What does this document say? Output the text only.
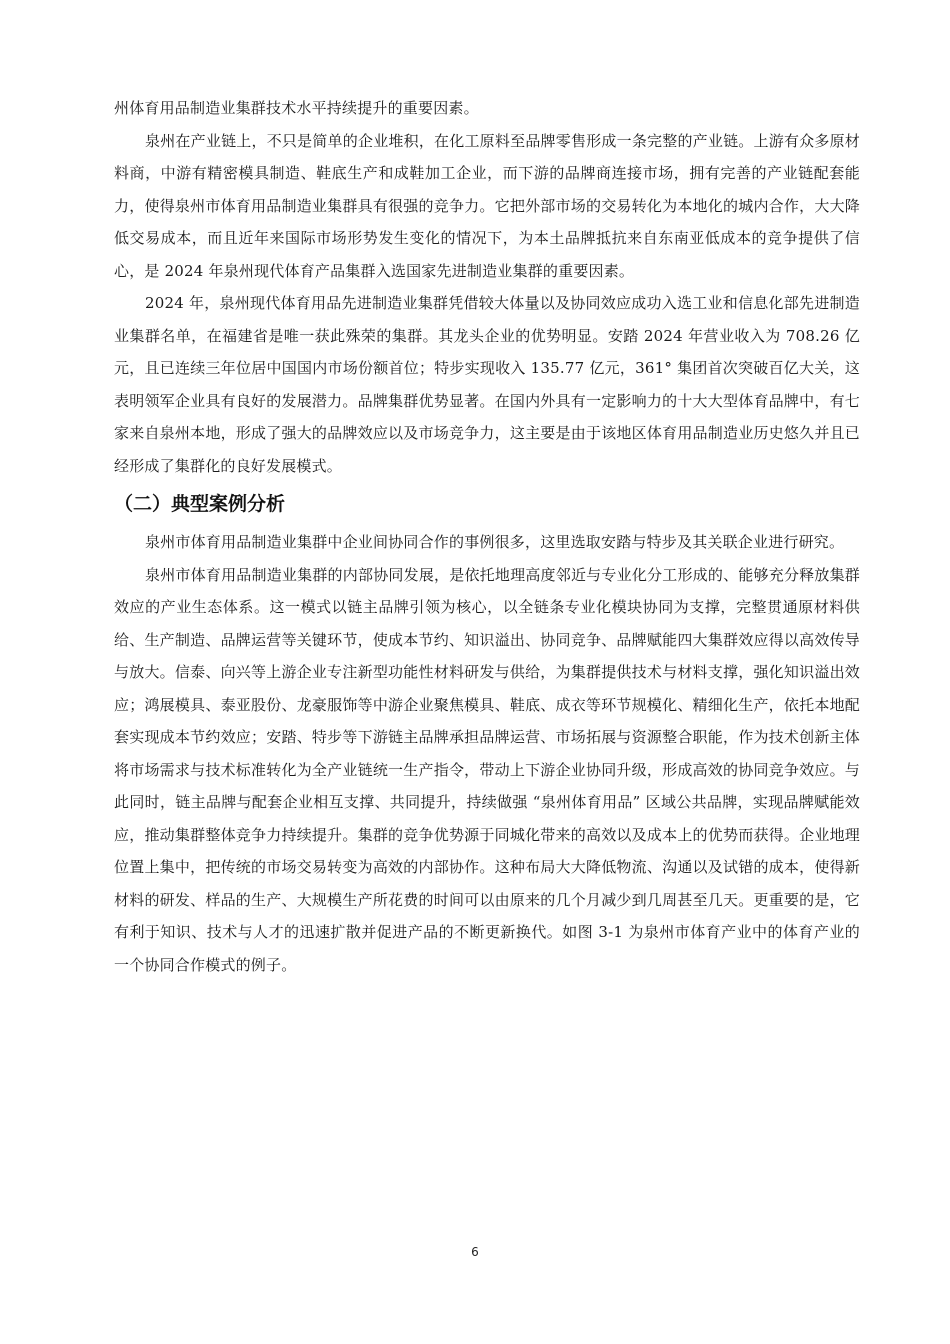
州体育用品制造业集群技术水平持续提升的重要因素。

泉州在产业链上，不只是简单的企业堆积，在化工原料至品牌零售形成一条完整的产业链。上游有众多原材料商，中游有精密模具制造、鞋底生产和成鞋加工企业，而下游的品牌商连接市场，拥有完善的产业链配套能力，使得泉州市体育用品制造业集群具有很强的竞争力。它把外部市场的交易转化为本地化的城内合作，大大降低交易成本，而且近年来国际市场形势发生变化的情况下，为本土品牌抵抗来自东南亚低成本的竞争提供了信心，是 2024 年泉州现代体育产品集群入选国家先进制造业集群的重要因素。

2024 年，泉州现代体育用品先进制造业集群凭借较大体量以及协同效应成功入选工业和信息化部先进制造业集群名单，在福建省是唯一获此殊荣的集群。其龙头企业的优势明显。安踏 2024 年营业收入为 708.26 亿元，且已连续三年位居中国国内市场份额首位；特步实现收入 135.77 亿元，361° 集团首次突破百亿大关，这表明领军企业具有良好的发展潜力。品牌集群优势显著。在国内外具有一定影响力的十大大型体育品牌中，有七家来自泉州本地，形成了强大的品牌效应以及市场竞争力，这主要是由于该地区体育用品制造业历史悠久并且已经形成了集群化的良好发展模式。

（二）典型案例分析

泉州市体育用品制造业集群中企业间协同合作的事例很多，这里选取安踏与特步及其关联企业进行研究。

泉州市体育用品制造业集群的内部协同发展，是依托地理高度邻近与专业化分工形成的、能够充分释放集群效应的产业生态体系。这一模式以链主品牌引领为核心，以全链条专业化模块协同为支撑，完整贯通原材料供给、生产制造、品牌运营等关键环节，使成本节约、知识溢出、协同竞争、品牌赋能四大集群效应得以高效传导与放大。信泰、向兴等上游企业专注新型功能性材料研发与供给，为集群提供技术与材料支撑，强化知识溢出效应；鸿展模具、泰亚股份、龙豪服饰等中游企业聚焦模具、鞋底、成衣等环节规模化、精细化生产，依托本地配套实现成本节约效应；安踏、特步等下游链主品牌承担品牌运营、市场拓展与资源整合职能，作为技术创新主体将市场需求与技术标准转化为全产业链统一生产指令，带动上下游企业协同升级，形成高效的协同竞争效应。与此同时，链主品牌与配套企业相互支撑、共同提升，持续做强 “泉州体育用品” 区域公共品牌，实现品牌赋能效应，推动集群整体竞争力持续提升。集群的竞争优势源于同城化带来的高效以及成本上的优势而获得。企业地理位置上集中，把传统的市场交易转变为高效的内部协作。这种布局大大降低物流、沟通以及试错的成本，使得新材料的研发、样品的生产、大规模生产所花费的时间可以由原来的几个月减少到几周甚至几天。更重要的是，它有利于知识、技术与人才的迅速扩散并促进产品的不断更新换代。如图 3-1 为泉州市体育产业中的体育产业的一个协同合作模式的例子。

6
